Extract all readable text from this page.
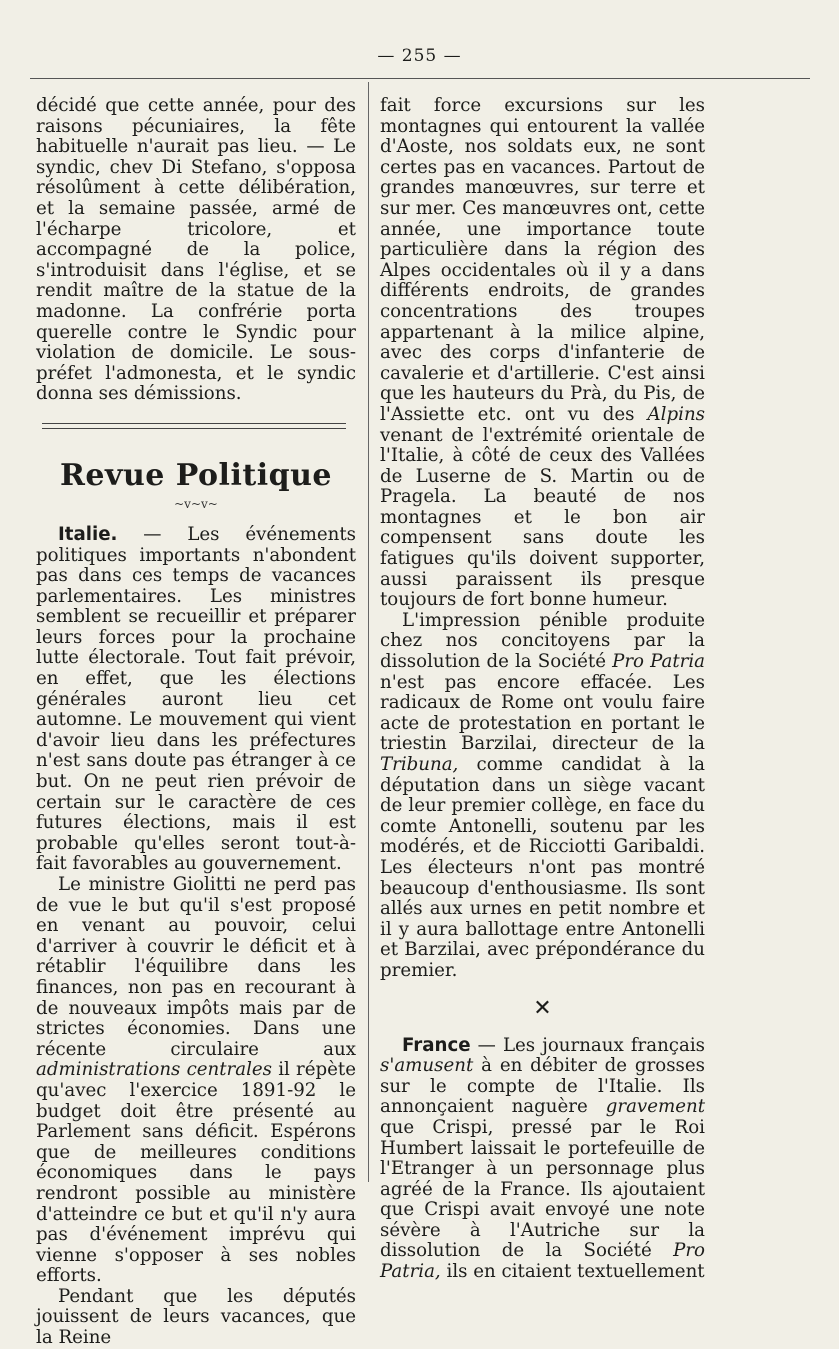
— 255 —

décidé que cette année, pour des raisons pécuniaires, la fête habituelle n'aurait pas lieu. — Le syndic, chev Di Stefano, s'opposa résolûment à cette délibération, et la semaine passée, armé de l'écharpe tricolore, et accompagné de la police, s'introduisit dans l'église, et se rendit maître de la statue de la madonne. La confrérie porta querelle contre le Syndic pour violation de domicile. Le sous-préfet l'admonesta, et le syndic donna ses démissions.

Revue Politique
~v~v~

Italie. — Les événements politiques importants n'abondent pas dans ces temps de vacances parlementaires. Les ministres semblent se recueillir et préparer leurs forces pour la prochaine lutte électorale. Tout fait prévoir, en effet, que les élections générales auront lieu cet automne. Le mouvement qui vient d'avoir lieu dans les préfectures n'est sans doute pas étranger à ce but. On ne peut rien prévoir de certain sur le caractère de ces futures élections, mais il est probable qu'elles seront tout-à-fait favorables au gouvernement.

Le ministre Giolitti ne perd pas de vue le but qu'il s'est proposé en venant au pouvoir, celui d'arriver à couvrir le déficit et à rétablir l'équilibre dans les finances, non pas en recourant à de nouveaux impôts mais par de strictes économies. Dans une récente circulaire aux administrations centrales il répète qu'avec l'exercice 1891-92 le budget doit être présenté au Parlement sans déficit. Espérons que de meilleures conditions économiques dans le pays rendront possible au ministère d'atteindre ce but et qu'il n'y aura pas d'événement imprévu qui vienne s'opposer à ses nobles efforts.

Pendant que les députés jouissent de leurs vacances, que la Reine

fait force excursions sur les montagnes qui entourent la vallée d'Aoste, nos soldats eux, ne sont certes pas en vacances. Partout de grandes manœuvres, sur terre et sur mer. Ces manœuvres ont, cette année, une importance toute particulière dans la région des Alpes occidentales où il y a dans différents endroits, de grandes concentrations des troupes appartenant à la milice alpine, avec des corps d'infanterie de cavalerie et d'artillerie. C'est ainsi que les hauteurs du Prà, du Pis, de l'Assiette etc. ont vu des Alpins venant de l'extrémité orientale de l'Italie, à côté de ceux des Vallées de Luserne de S. Martin ou de Pragela. La beauté de nos montagnes et le bon air compensent sans doute les fatigues qu'ils doivent supporter, aussi paraissent ils presque toujours de fort bonne humeur.

L'impression pénible produite chez nos concitoyens par la dissolution de la Société Pro Patria n'est pas encore effacée. Les radicaux de Rome ont voulu faire acte de protestation en portant le triestin Barzilai, directeur de la Tribuna, comme candidat à la députation dans un siège vacant de leur premier collège, en face du comte Antonelli, soutenu par les modérés, et de Ricciotti Garibaldi. Les électeurs n'ont pas montré beaucoup d'enthousiasme. Ils sont allés aux urnes en petit nombre et il y aura ballottage entre Antonelli et Barzilai, avec prépondérance du premier.

✕

France — Les journaux français s'amusent à en débiter de grosses sur le compte de l'Italie. Ils annonçaient naguère gravement que Crispi, pressé par le Roi Humbert laissait le portefeuille de l'Etranger à un personnage plus agréé de la France. Ils ajoutaient que Crispi avait envoyé une note sévère à l'Autriche sur la dissolution de la Société Pro Patria, ils en citaient textuellement
